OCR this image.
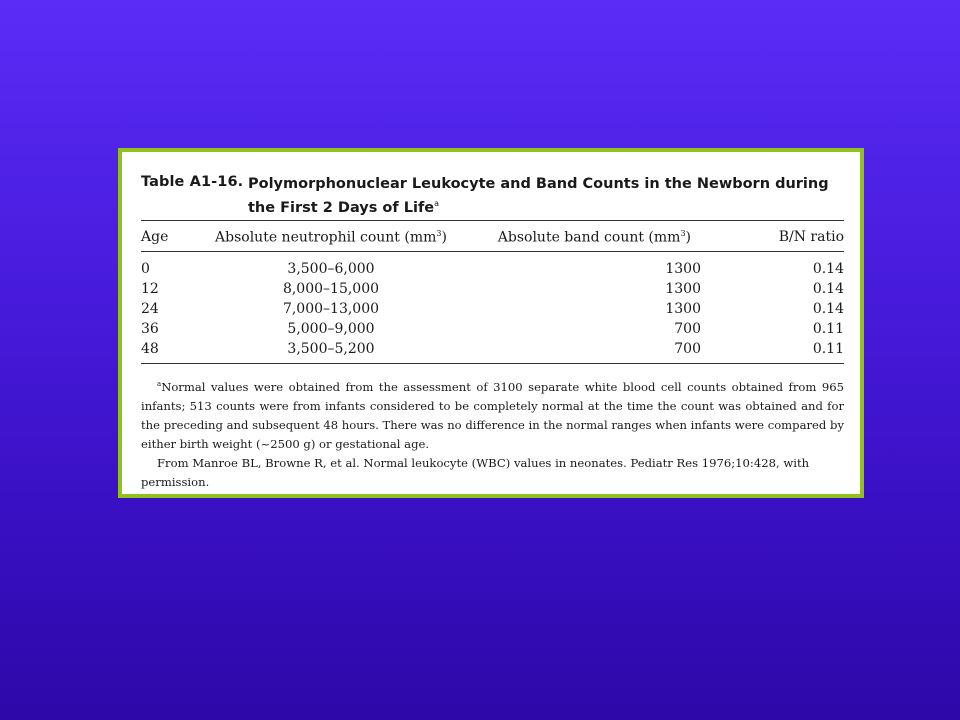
Table A1-16. Polymorphonuclear Leukocyte and Band Counts in the Newborn during the First 2 Days of Life$^a$
Age	Absolute neutrophil count $(mm^3)$	Absolute band count $(mm^3)$	B/N ratio
0	3,500–6,000	1300	0.14
12	8,000–15,000	1300	0.14
24	7,000–13,000	1300	0.14
36	5,000–9,000	700	0.11
48	3,500–5,200	700	0.11

$^a$Normal values were obtained from the assessment of 3100 separate white blood cell counts obtained from 965 infants; 513 counts were from infants considered to be completely normal at the time the count was obtained and for the preceding and subsequent 48 hours. There was no difference in the normal ranges when infants were compared by either birth weight (~2500 g) or gestational age.

From Manroe BL, Browne R, et al. Normal leukocyte (WBC) values in neonates. Pediatr Res 1976;10:428, with permission.
